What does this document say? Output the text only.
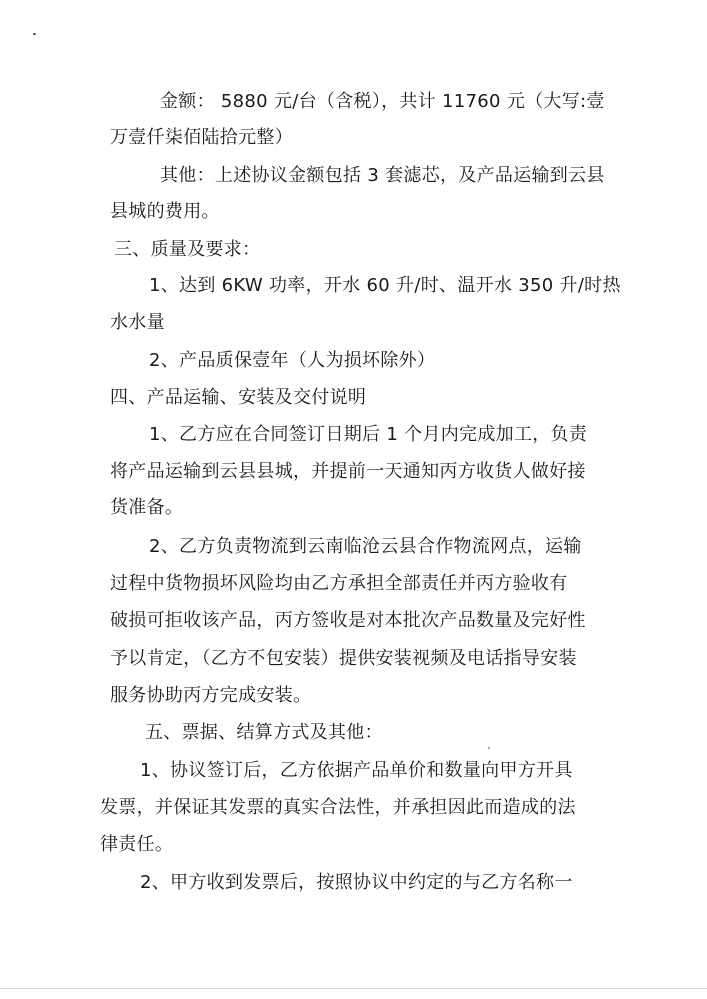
金额： 5880 元/台（含税），共计 11760 元（大写:壹
万壹仟柒佰陆拾元整）
其他：上述协议金额包括 3 套滤芯，及产品运输到云县
县城的费用。
三、质量及要求：
1、达到 6KW 功率，开水 60 升/时、温开水 350 升/时热
水水量
2、产品质保壹年（人为损坏除外）
四、产品运输、安装及交付说明
1、乙方应在合同签订日期后 1 个月内完成加工，负责
将产品运输到云县县城，并提前一天通知丙方收货人做好接
货准备。
2、乙方负责物流到云南临沧云县合作物流网点，运输
过程中货物损坏风险均由乙方承担全部责任并丙方验收有
破损可拒收该产品，丙方签收是对本批次产品数量及完好性
予以肯定，（乙方不包安装）提供安装视频及电话指导安装
服务协助丙方完成安装。
五、票据、结算方式及其他：
1、协议签订后，乙方依据产品单价和数量向甲方开具
发票，并保证其发票的真实合法性，并承担因此而造成的法
律责任。
2、甲方收到发票后，按照协议中约定的与乙方名称一
